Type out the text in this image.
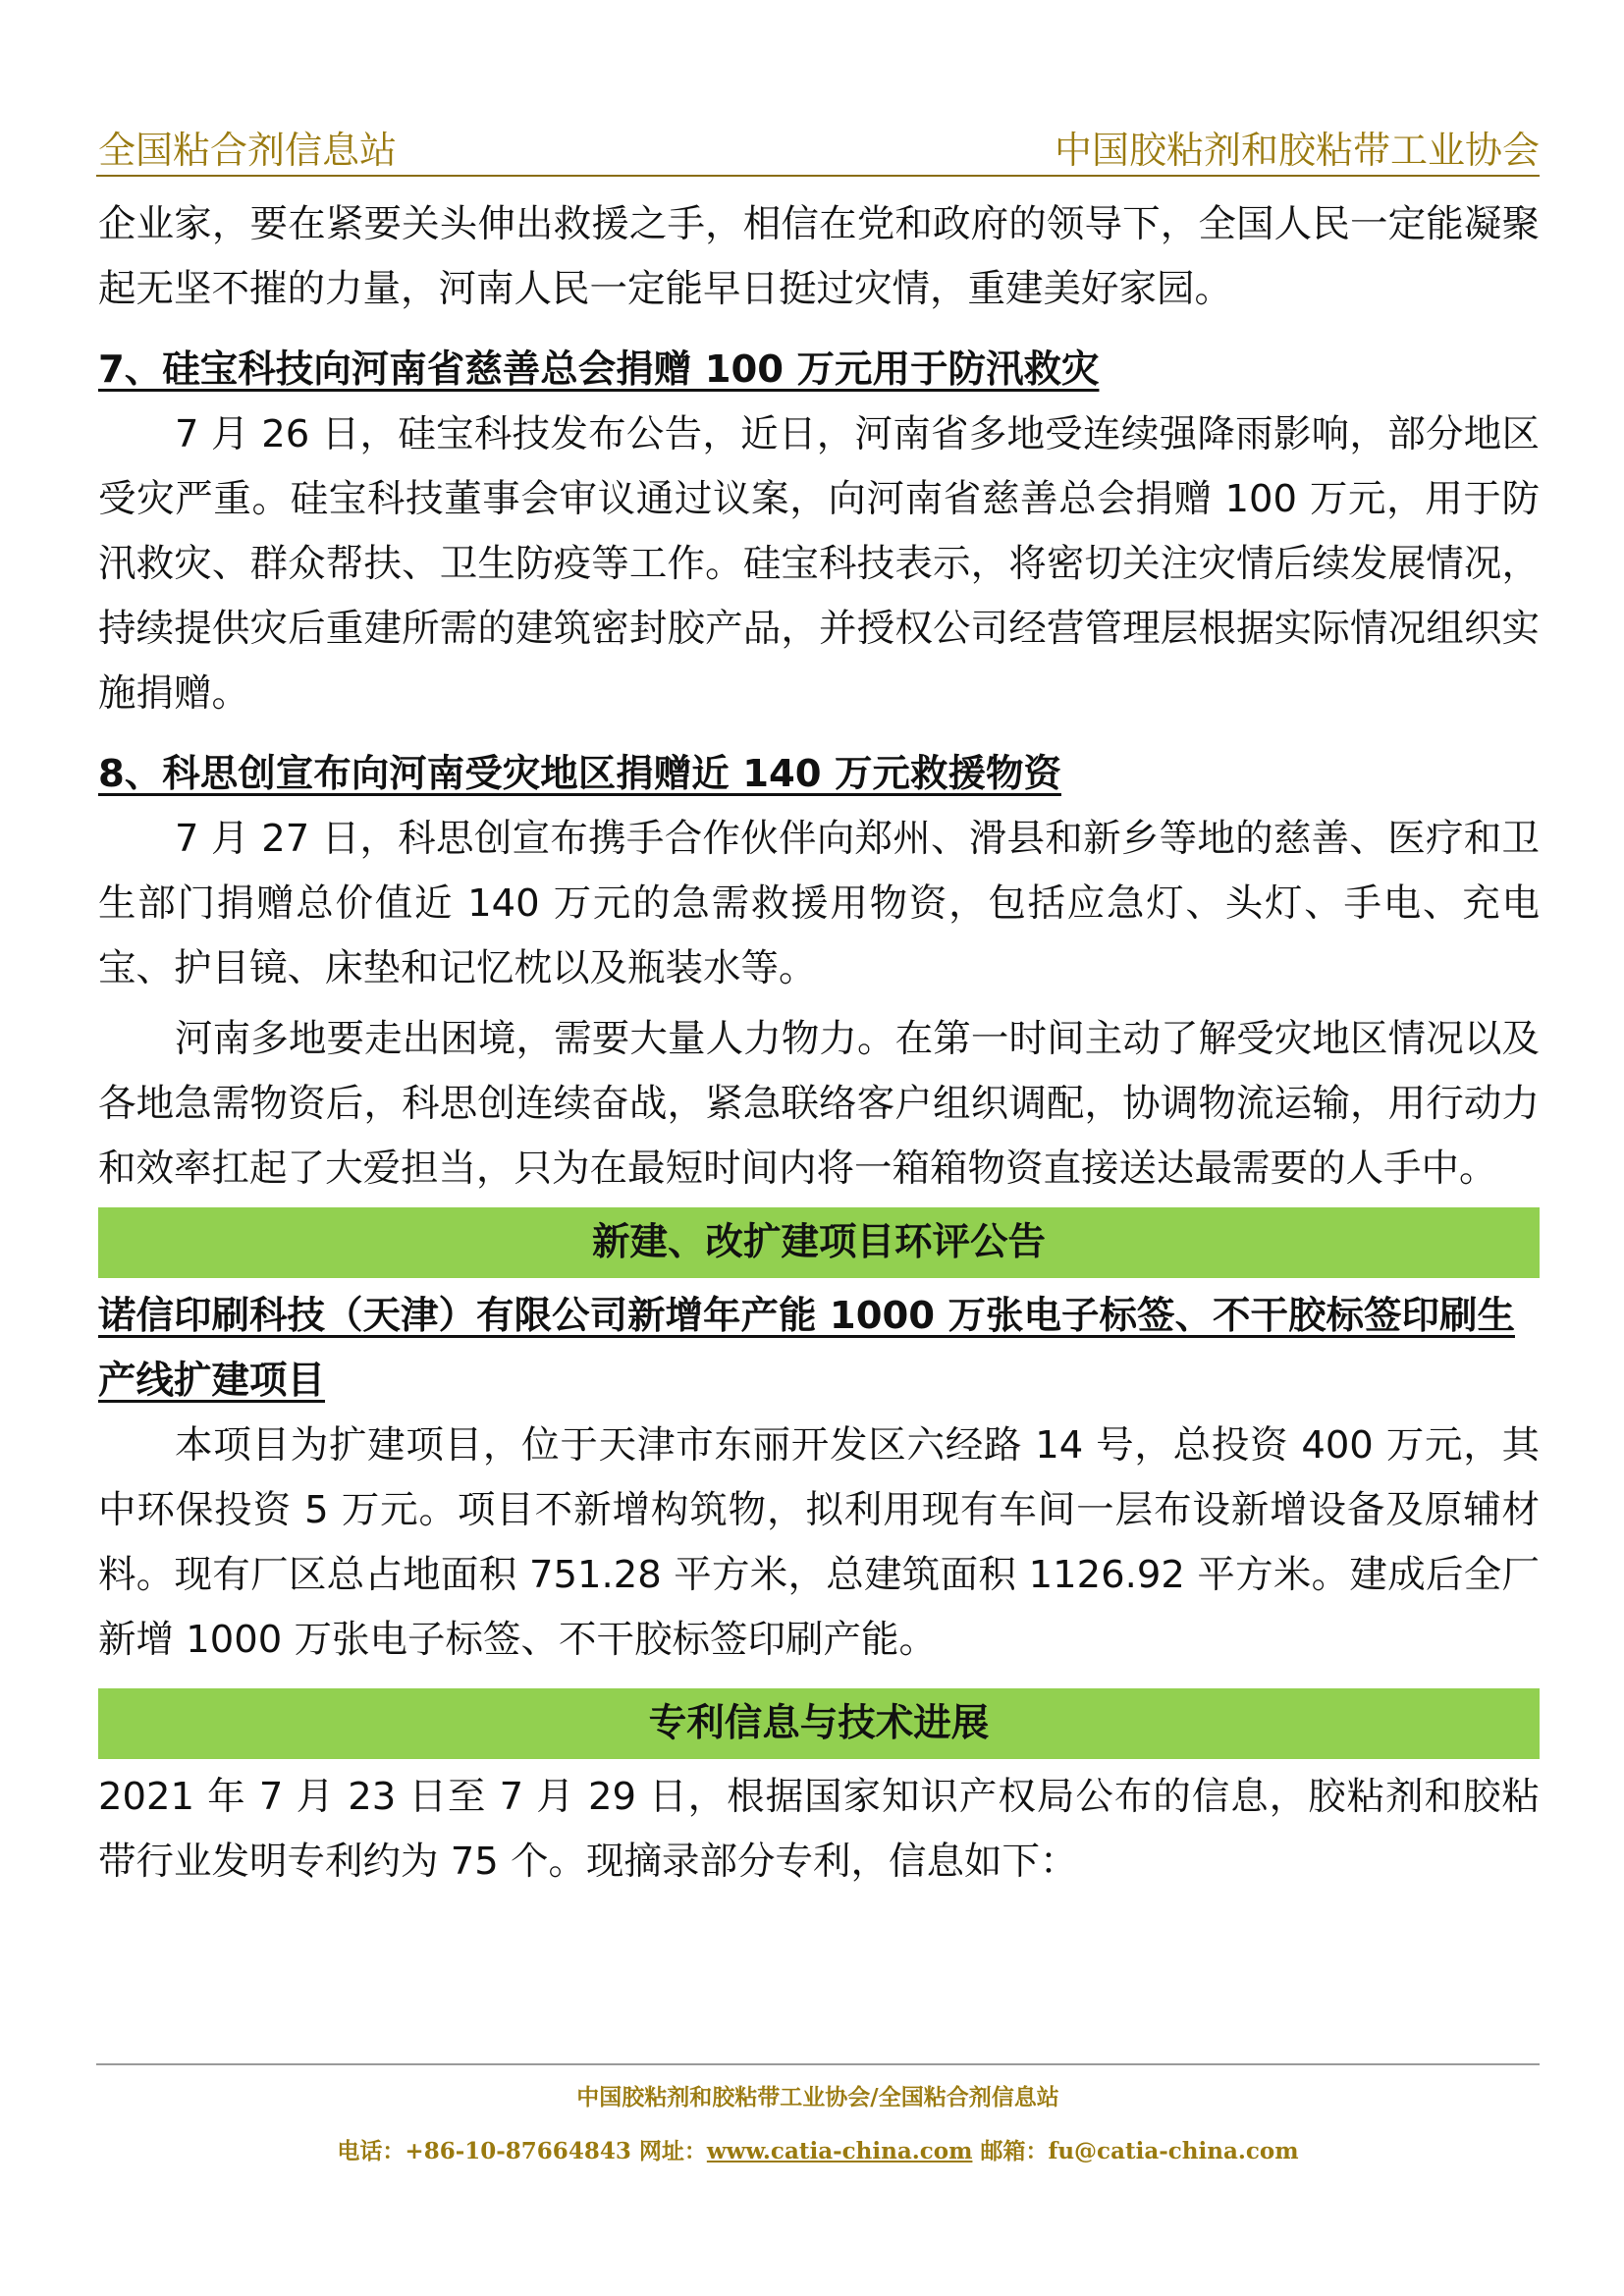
全国粘合剂信息站	中国胶粘剂和胶粘带工业协会

企业家，要在紧要关头伸出救援之手，相信在党和政府的领导下，全国人民一定能凝聚起无坚不摧的力量，河南人民一定能早日挺过灾情，重建美好家园。

7、硅宝科技向河南省慈善总会捐赠 100 万元用于防汛救灾

7 月 26 日，硅宝科技发布公告，近日，河南省多地受连续强降雨影响，部分地区受灾严重。硅宝科技董事会审议通过议案，向河南省慈善总会捐赠 100 万元，用于防汛救灾、群众帮扶、卫生防疫等工作。硅宝科技表示，将密切关注灾情后续发展情况，持续提供灾后重建所需的建筑密封胶产品，并授权公司经营管理层根据实际情况组织实施捐赠。

8、科思创宣布向河南受灾地区捐赠近 140 万元救援物资

7 月 27 日，科思创宣布携手合作伙伴向郑州、滑县和新乡等地的慈善、医疗和卫生部门捐赠总价值近 140 万元的急需救援用物资，包括应急灯、头灯、手电、充电宝、护目镜、床垫和记忆枕以及瓶装水等。

河南多地要走出困境，需要大量人力物力。在第一时间主动了解受灾地区情况以及各地急需物资后，科思创连续奋战，紧急联络客户组织调配，协调物流运输，用行动力和效率扛起了大爱担当，只为在最短时间内将一箱箱物资直接送达最需要的人手中。

新建、改扩建项目环评公告

诺信印刷科技（天津）有限公司新增年产能 1000 万张电子标签、不干胶标签印刷生产线扩建项目

本项目为扩建项目，位于天津市东丽开发区六经路 14 号，总投资 400 万元，其中环保投资 5 万元。项目不新增构筑物，拟利用现有车间一层布设新增设备及原辅材料。现有厂区总占地面积 751.28 平方米，总建筑面积 1126.92 平方米。建成后全厂新增 1000 万张电子标签、不干胶标签印刷产能。

专利信息与技术进展

2021 年 7 月 23 日至 7 月 29 日，根据国家知识产权局公布的信息，胶粘剂和胶粘带行业发明专利约为 75 个。现摘录部分专利，信息如下：

中国胶粘剂和胶粘带工业协会/全国粘合剂信息站
电话：+86-10-87664843 网址：www.catia-china.com 邮箱：fu@catia-china.com
